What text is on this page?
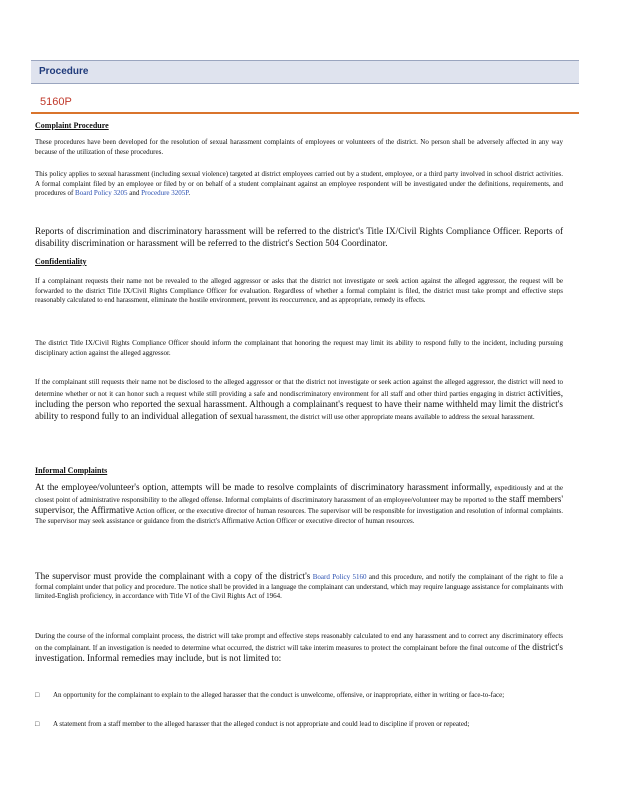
Procedure
5160P
Complaint Procedure
These procedures have been developed for the resolution of sexual harassment complaints of employees or volunteers of the district. No person shall be adversely affected in any way because of the utilization of these procedures.
This policy applies to sexual harassment (including sexual violence) targeted at district employees carried out by a student, employee, or a third party involved in school district activities. A formal complaint filed by an employee or filed by or on behalf of a student complainant against an employee respondent will be investigated under the definitions, requirements, and procedures of Board Policy 3205 and Procedure 3205P.
Reports of discrimination and discriminatory harassment will be referred to the district's Title IX/Civil Rights Compliance Officer. Reports of disability discrimination or harassment will be referred to the district's Section 504 Coordinator.
Confidentiality
If a complainant requests their name not be revealed to the alleged aggressor or asks that the district not investigate or seek action against the alleged aggressor, the request will be forwarded to the district Title IX/Civil Rights Compliance Officer for evaluation. Regardless of whether a formal complaint is filed, the district must take prompt and effective steps reasonably calculated to end harassment, eliminate the hostile environment, prevent its reoccurrence, and as appropriate, remedy its effects.
The district Title IX/Civil Rights Compliance Officer should inform the complainant that honoring the request may limit its ability to respond fully to the incident, including pursuing disciplinary action against the alleged aggressor.
If the complainant still requests their name not be disclosed to the alleged aggressor or that the district not investigate or seek action against the alleged aggressor, the district will need to determine whether or not it can honor such a request while still providing a safe and nondiscriminatory environment for all staff and other third parties engaging in district activities, including the person who reported the sexual harassment. Although a complainant's request to have their name withheld may limit the district's ability to respond fully to an individual allegation of sexual harassment, the district will use other appropriate means available to address the sexual harassment.
Informal Complaints
At the employee/volunteer's option, attempts will be made to resolve complaints of discriminatory harassment informally, expeditiously and at the closest point of administrative responsibility to the alleged offense. Informal complaints of discriminatory harassment of an employee/volunteer may be reported to the staff members' supervisor, the Affirmative Action officer, or the executive director of human resources. The supervisor will be responsible for investigation and resolution of informal complaints. The supervisor may seek assistance or guidance from the district's Affirmative Action Officer or executive director of human resources.
The supervisor must provide the complainant with a copy of the district's Board Policy 5160 and this procedure, and notify the complainant of the right to file a formal complaint under that policy and procedure. The notice shall be provided in a language the complainant can understand, which may require language assistance for complainants with limited-English proficiency, in accordance with Title VI of the Civil Rights Act of 1964.
During the course of the informal complaint process, the district will take prompt and effective steps reasonably calculated to end any harassment and to correct any discriminatory effects on the complainant. If an investigation is needed to determine what occurred, the district will take interim measures to protect the complainant before the final outcome of the district's investigation. Informal remedies may include, but is not limited to:
□	An opportunity for the complainant to explain to the alleged harasser that the conduct is unwelcome, offensive, or inappropriate, either in writing or face-to-face;
□	A statement from a staff member to the alleged harasser that the alleged conduct is not appropriate and could lead to discipline if proven or repeated;
